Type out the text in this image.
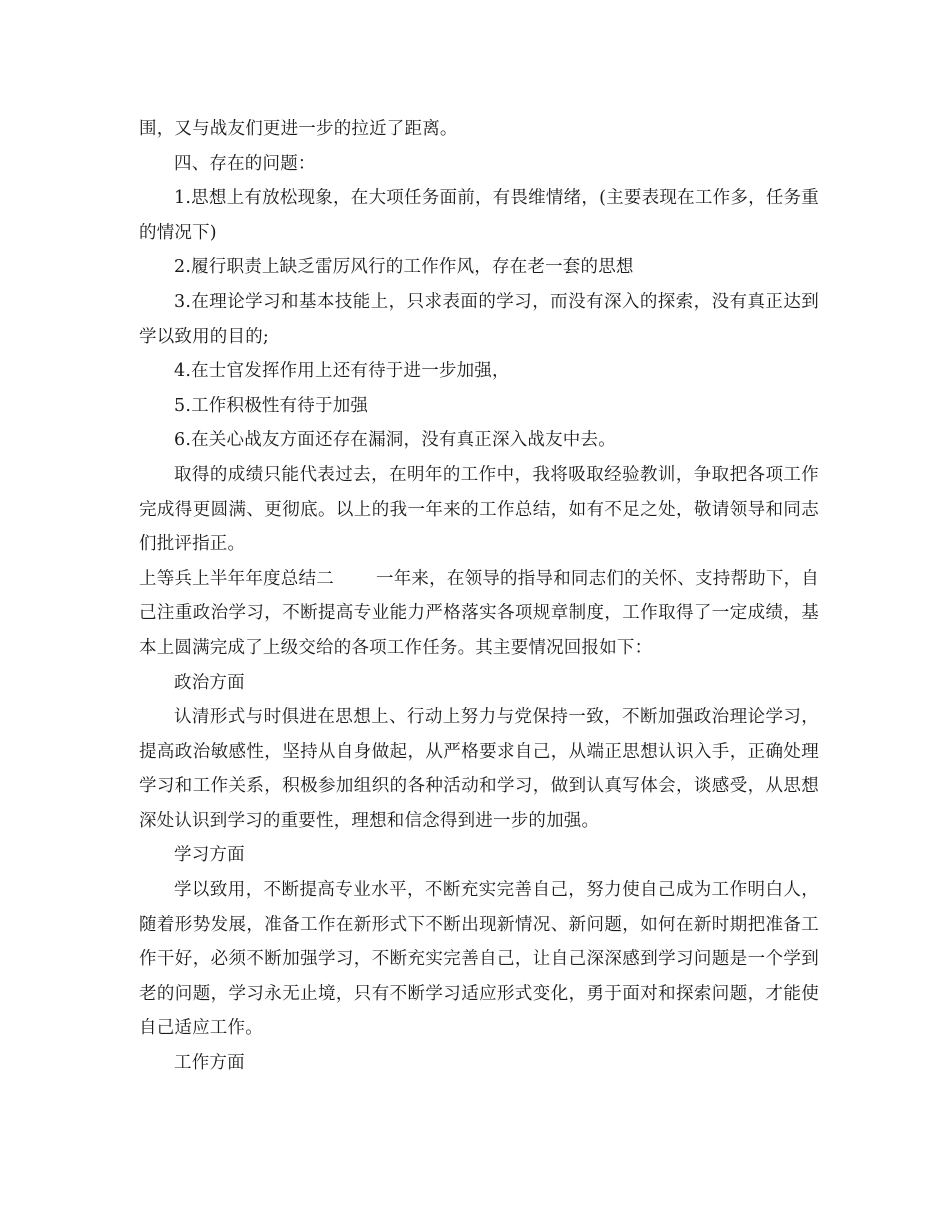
围，又与战友们更进一步的拉近了距离。

四、存在的问题：

1.思想上有放松现象，在大项任务面前，有畏维情绪，(主要表现在工作多，任务重的情况下)

2.履行职责上缺乏雷厉风行的工作作风，存在老一套的思想

3.在理论学习和基本技能上，只求表面的学习，而没有深入的探索，没有真正达到学以致用的目的;

4.在士官发挥作用上还有待于进一步加强，

5.工作积极性有待于加强

6.在关心战友方面还存在漏洞，没有真正深入战友中去。

取得的成绩只能代表过去，在明年的工作中，我将吸取经验教训，争取把各项工作完成得更圆满、更彻底。以上的我一年来的工作总结，如有不足之处，敬请领导和同志们批评指正。

上等兵上半年年度总结二 一年来，在领导的指导和同志们的关怀、支持帮助下，自己注重政治学习，不断提高专业能力严格落实各项规章制度，工作取得了一定成绩，基本上圆满完成了上级交给的各项工作任务。其主要情况回报如下：

政治方面

认清形式与时俱进在思想上、行动上努力与党保持一致，不断加强政治理论学习，提高政治敏感性，坚持从自身做起，从严格要求自己，从端正思想认识入手，正确处理学习和工作关系，积极参加组织的各种活动和学习，做到认真写体会，谈感受，从思想深处认识到学习的重要性，理想和信念得到进一步的加强。

学习方面

学以致用，不断提高专业水平，不断充实完善自己，努力使自己成为工作明白人，随着形势发展，准备工作在新形式下不断出现新情况、新问题，如何在新时期把准备工作干好，必须不断加强学习，不断充实完善自己，让自己深深感到学习问题是一个学到老的问题，学习永无止境，只有不断学习适应形式变化，勇于面对和探索问题，才能使自己适应工作。

工作方面
